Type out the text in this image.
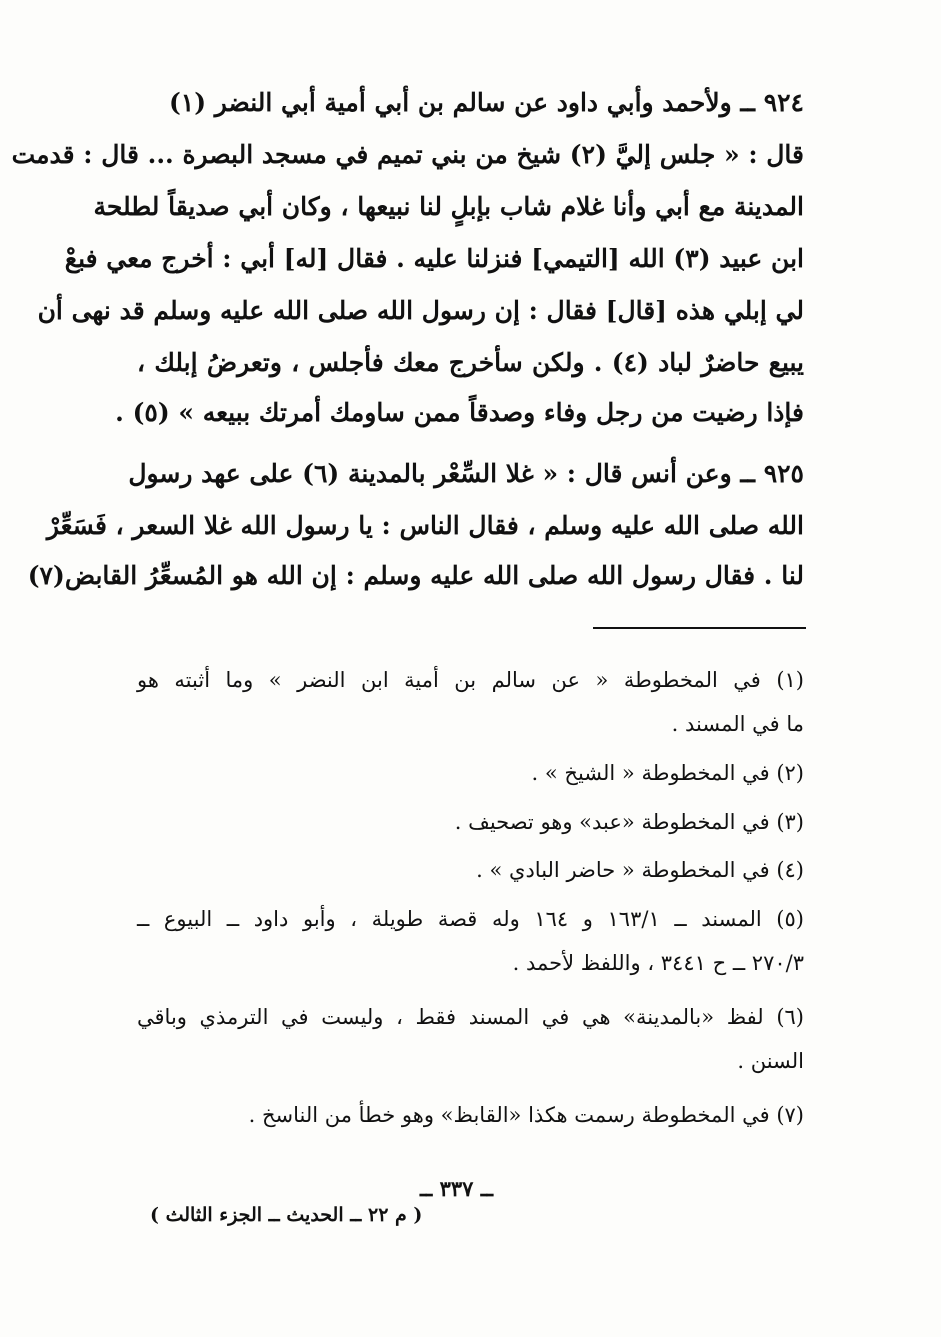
٩٢٤ ــ ولأحمد وأبي داود عن سالم بن أبي أمية أبي النضر (١)
قال : « جلس إليَّ (٢) شيخ من بني تميم في مسجد البصرة ... قال : قدمت
المدينة مع أبي وأنا غلام شاب بإبلٍ لنا نبيعها ، وكان أبي صديقاً لطلحة
ابن عبيد (٣) الله [التيمي] فنزلنا عليه . فقال [له] أبي : أخرج معي فبعْ
لي إبلي هذه [قال] فقال : إن رسول الله صلى الله عليه وسلم قد نهى أن
يبيع حاضرٌ لباد (٤) . ولكن سأخرج معك فأجلس ، وتعرضُ إبلك ،
فإذا رضيت من رجل وفاء وصدقاً ممن ساومك أمرتك ببيعه » (٥) .
٩٢٥ ــ وعن أنس قال : « غلا السِّعْر بالمدينة (٦) على عهد رسول
الله صلى الله عليه وسلم ، فقال الناس : يا رسول الله غلا السعر ، فَسَعِّرْ
لنا . فقال رسول الله صلى الله عليه وسلم : إن الله هو المُسعِّرُ القابض(٧)
(١) في المخطوطة « عن سالم بن أمية ابن النضر » وما أثبته هو
ما في المسند .
(٢) في المخطوطة « الشيخ » .
(٣) في المخطوطة «عبد» وهو تصحيف .
(٤) في المخطوطة « حاضر البادي » .
(٥) المسند ــ ١٦٣/١ و ١٦٤ وله قصة طويلة ، وأبو داود ــ البيوع ــ
٢٧٠/٣ ــ ح ٣٤٤١ ، واللفظ لأحمد .
(٦) لفظ «بالمدينة» هي في المسند فقط ، وليست في الترمذي وباقي
السنن .
(٧) في المخطوطة رسمت هكذا «القابظ» وهو خطأ من الناسخ .
ــ ٣٣٧ ــ
( م ٢٢ ــ الحديث ــ الجزء الثالث )
